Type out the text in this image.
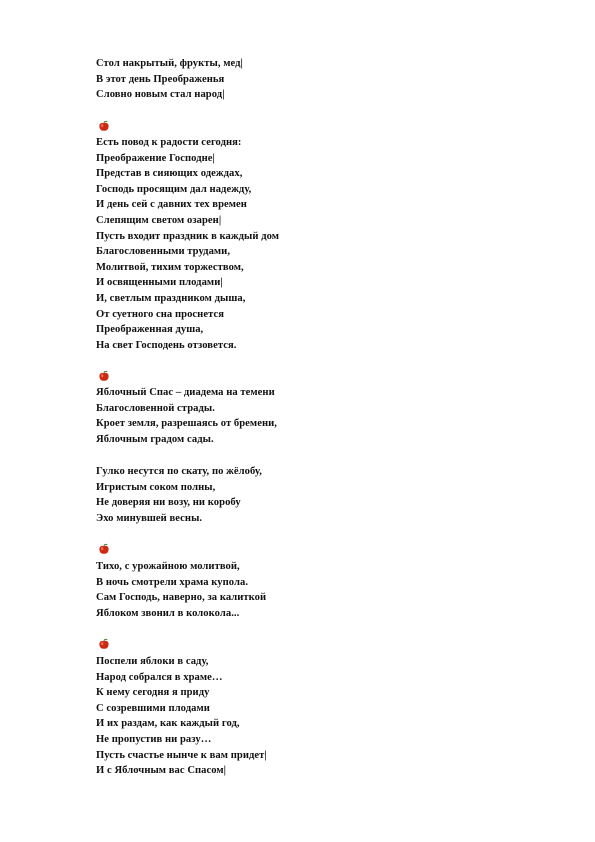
Стол накрытый, фрукты, мед|
В этот день Преображенья
Словно новым стал народ|
Есть повод к радости сегодня:
Преображение Господне|
Представ в сияющих одеждах,
Господь просящим дал надежду,
И день сей с давних тех времен
Слепящим светом озарен|
Пусть входит праздник в каждый дом
Благословенными трудами,
Молитвой, тихим торжеством,
И освященными плодами|
И, светлым праздником дыша,
От суетного сна проснется
Преображенная душа,
На свет Господень отзовется.
Яблочный Спас – диадема на темени
Благословенной страды.
Кроет земля, разрешаясь от бремени,
Яблочным градом сады.
Гулко несутся по скату, по жёлобу,
Игристым соком полны,
Не доверяя ни возу, ни коробу
Эхо минувшей весны.
Тихо, с урожайною молитвой,
В ночь смотрели храма купола.
Сам Господь, наверно, за калиткой
Яблоком звонил в колокола...
Поспели яблоки в саду,
Народ собрался в храме…
К нему сегодня я приду
С созревшими плодами
И их раздам, как каждый год,
Не пропустив ни разу…
Пусть счастье нынче к вам придет|
И с Яблочным вас Спасом|
